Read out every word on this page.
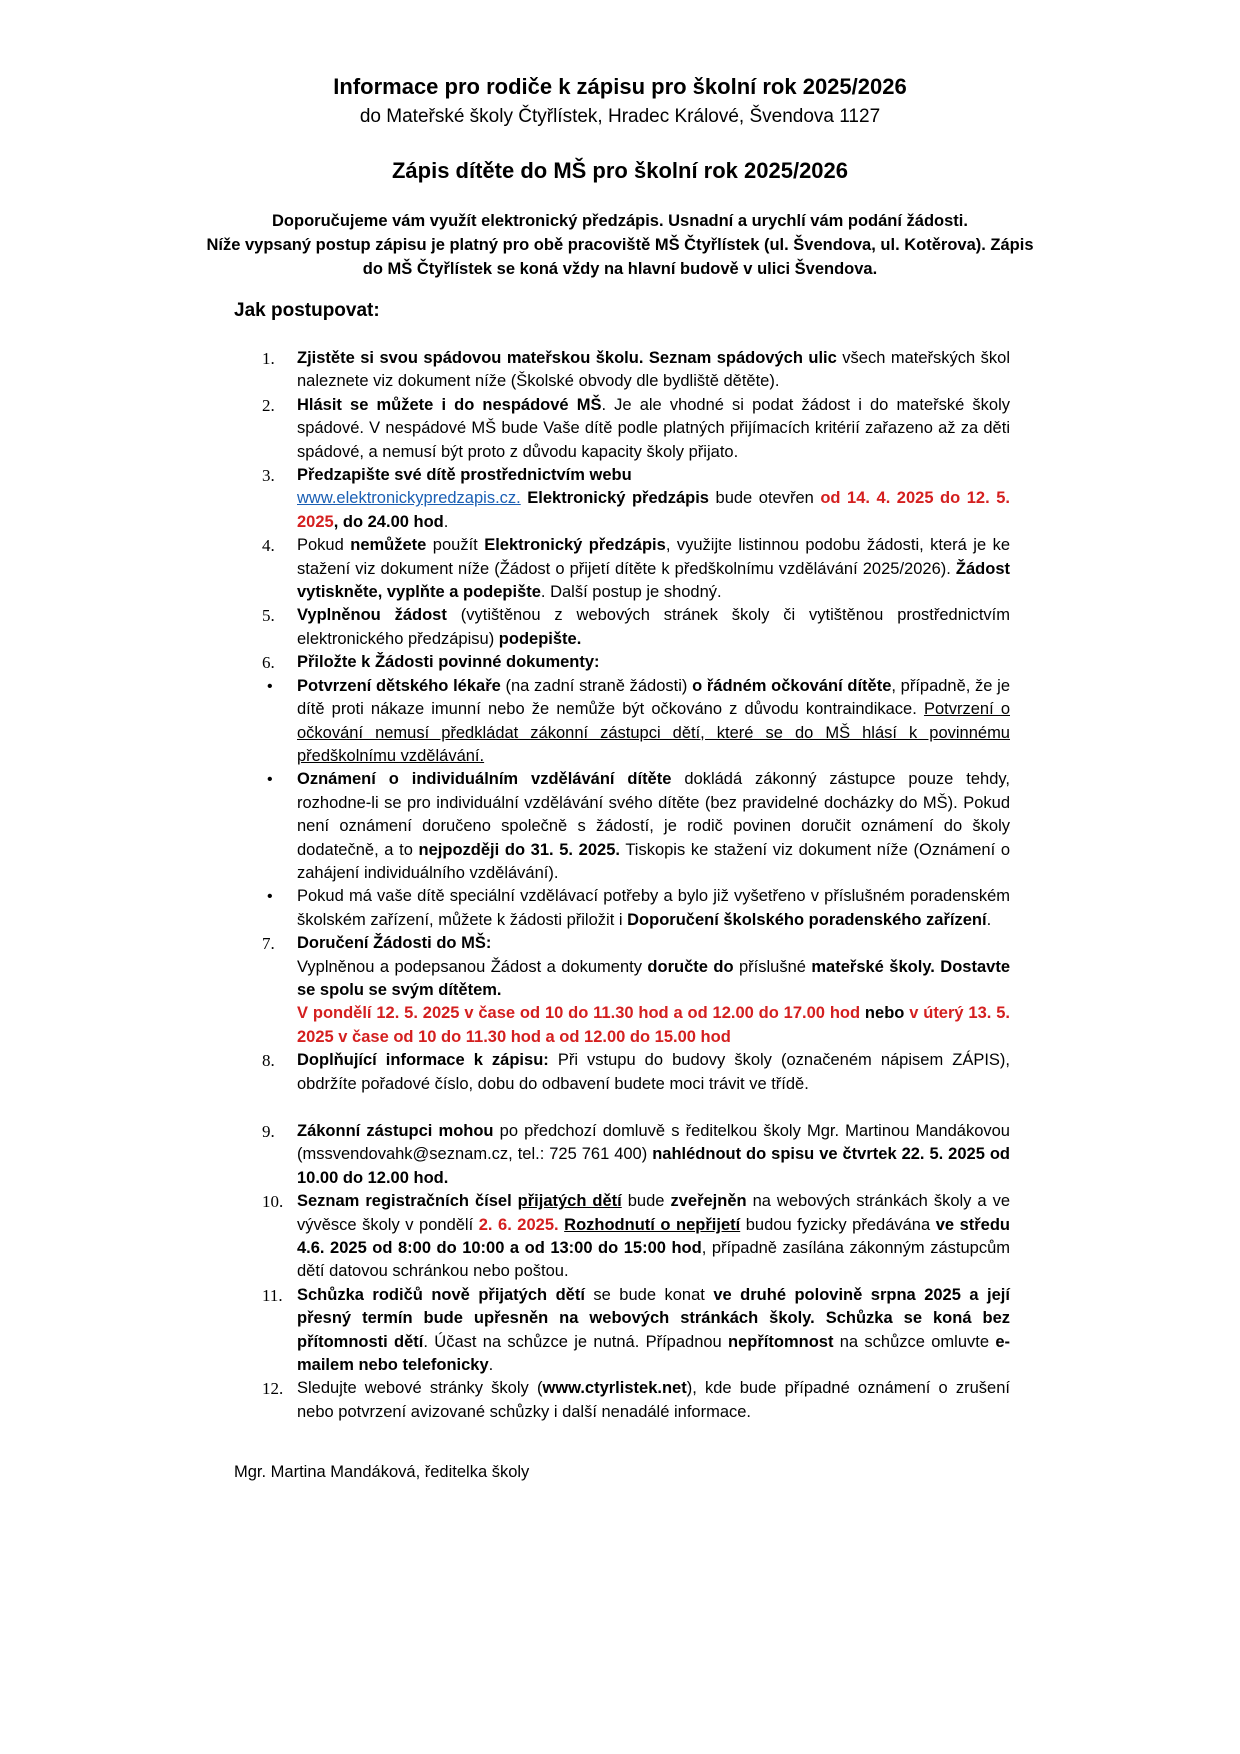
Informace pro rodiče k zápisu pro školní rok 2025/2026
do Mateřské školy Čtyřlístek, Hradec Králové, Švendova 1127
Zápis dítěte do MŠ pro školní rok 2025/2026
Doporučujeme vám využít elektronický předzápis. Usnadní a urychlí vám podání žádosti.
Níže vypsaný postup zápisu je platný pro obě pracoviště MŠ Čtyřlístek (ul. Švendova, ul. Kotěrova). Zápis do MŠ Čtyřlístek se koná vždy na hlavní budově v ulici Švendova.
Jak postupovat:
1. Zjistěte si svou spádovou mateřskou školu. Seznam spádových ulic všech mateřských škol naleznete viz dokument níže (Školské obvody dle bydliště dětěte).
2. Hlásit se můžete i do nespádové MŠ. Je ale vhodné si podat žádost i do mateřské školy spádové. V nespádové MŠ bude Vaše dítě podle platných přijímacích kritérií zařazeno až za děti spádové, a nemusí být proto z důvodu kapacity školy přijato.
3. Předzapište své dítě prostřednictvím webu
www.elektronickypredzapis.cz. Elektronický předzápis bude otevřen od 14. 4. 2025 do 12. 5. 2025, do 24.00 hod.
4. Pokud nemůžete použít Elektronický předzápis, využijte listinnou podobu žádosti, která je ke stažení viz dokument níže (Žádost o přijetí dítěte k předškolnímu vzdělávání 2025/2026). Žádost vytiskněte, vyplňte a podepište. Další postup je shodný.
5. Vyplněnou žádost (vytištěnou z webových stránek školy či vytištěnou prostřednictvím elektronického předzápisu) podepište.
6. Přiložte k Žádosti povinné dokumenty:
• Potvrzení dětského lékaře (na zadní straně žádosti) o řádném očkování dítěte, případně, že je dítě proti nákaze imunní nebo že nemůže být očkováno z důvodu kontraindikace. Potvrzení o očkování nemusí předkládat zákonní zástupci dětí, které se do MŠ hlásí k povinnému předškolnímu vzdělávání.
• Oznámení o individuálním vzdělávání dítěte dokládá zákonný zástupce pouze tehdy, rozhodne-li se pro individuální vzdělávání svého dítěte (bez pravidelné docházky do MŠ). Pokud není oznámení doručeno společně s žádostí, je rodič povinen doručit oznámení do školy dodatečně, a to nejpozději do 31. 5. 2025. Tiskopis ke stažení viz dokument níže (Oznámení o zahájení individuálního vzdělávání).
• Pokud má vaše dítě speciální vzdělávací potřeby a bylo již vyšetřeno v příslušném poradenském školském zařízení, můžete k žádosti přiložit i Doporučení školského poradenského zařízení.
7. Doručení Žádosti do MŠ:
Vyplněnou a podepsanou Žádost a dokumenty doručte do příslušné mateřské školy. Dostavte se spolu se svým dítětem.
V pondělí 12. 5. 2025 v čase od 10 do 11.30 hod a od 12.00 do 17.00 hod nebo v úterý 13. 5. 2025 v čase od 10 do 11.30 hod a od 12.00 do 15.00 hod
8. Doplňující informace k zápisu: Při vstupu do budovy školy (označeném nápisem ZÁPIS), obdržíte pořadové číslo, dobu do odbavení budete moci trávit ve třídě.
9. Zákonní zástupci mohou po předchozí domluvě s ředitelkou školy Mgr. Martinou Mandákovou (mssvendovahk@seznam.cz, tel.: 725 761 400) nahlédnout do spisu ve čtvrtek 22. 5. 2025 od 10.00 do 12.00 hod.
10. Seznam registračních čísel přijatých dětí bude zveřejněn na webových stránkách školy a ve vývěsce školy v pondělí 2. 6. 2025. Rozhodnutí o nepřijetí budou fyzicky předávána ve středu 4.6. 2025 od 8:00 do 10:00 a od 13:00 do 15:00 hod, případně zasílána zákonným zástupcům dětí datovou schránkou nebo poštou.
11. Schůzka rodičů nově přijatých dětí se bude konat ve druhé polovině srpna 2025 a její přesný termín bude upřesněn na webových stránkách školy. Schůzka se koná bez přítomnosti dětí. Účast na schůzce je nutná. Případnou nepřítomnost na schůzce omluvte e-mailem nebo telefonicky.
12. Sledujte webové stránky školy (www.ctyrlistek.net), kde bude případné oznámení o zrušení nebo potvrzení avizované schůzky i další nenadálé informace.
Mgr. Martina Mandáková, ředitelka školy
